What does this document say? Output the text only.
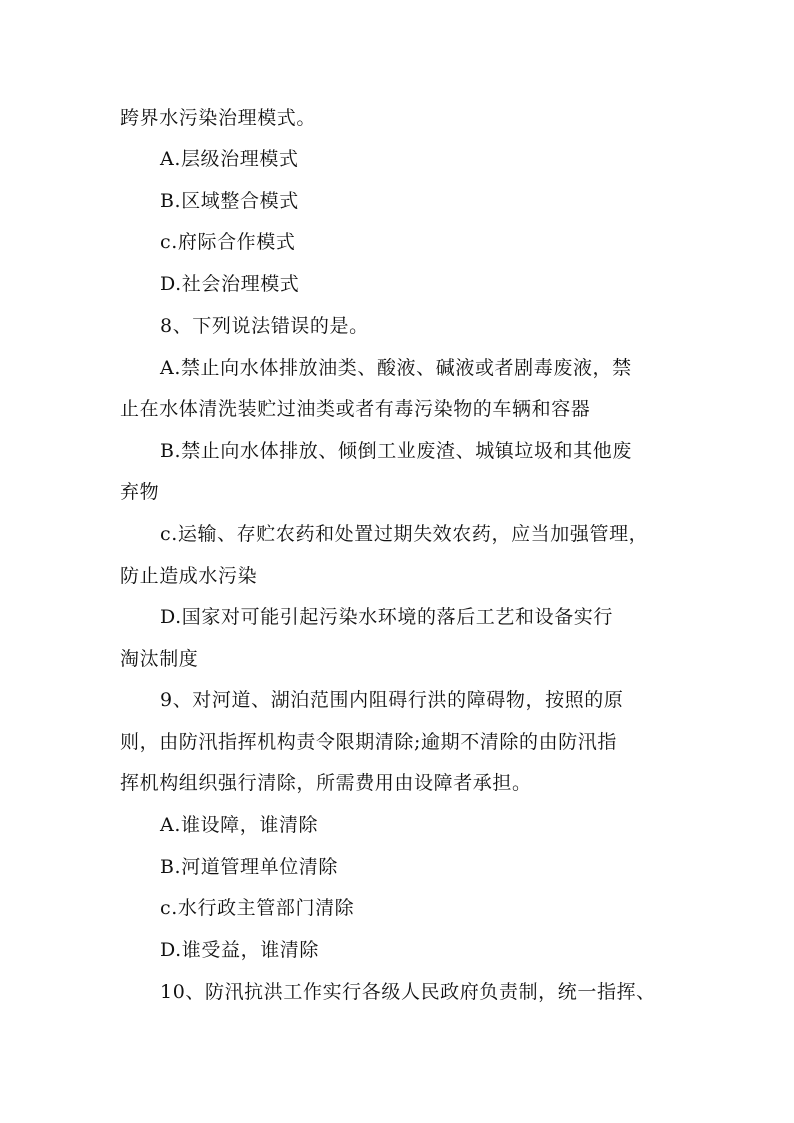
跨界水污染治理模式。
A.层级治理模式
B.区域整合模式
c.府际合作模式
D.社会治理模式
8、下列说法错误的是。
A.禁止向水体排放油类、酸液、碱液或者剧毒废液，禁
止在水体清洗装贮过油类或者有毒污染物的车辆和容器
B.禁止向水体排放、倾倒工业废渣、城镇垃圾和其他废
弃物
c.运输、存贮农药和处置过期失效农药，应当加强管理，
防止造成水污染
D.国家对可能引起污染水环境的落后工艺和设备实行
淘汰制度
9、对河道、湖泊范围内阻碍行洪的障碍物，按照的原
则，由防汛指挥机构责令限期清除;逾期不清除的由防汛指
挥机构组织强行清除，所需费用由设障者承担。
A.谁设障，谁清除
B.河道管理单位清除
c.水行政主管部门清除
D.谁受益，谁清除
10、防汛抗洪工作实行各级人民政府负责制，统一指挥、
